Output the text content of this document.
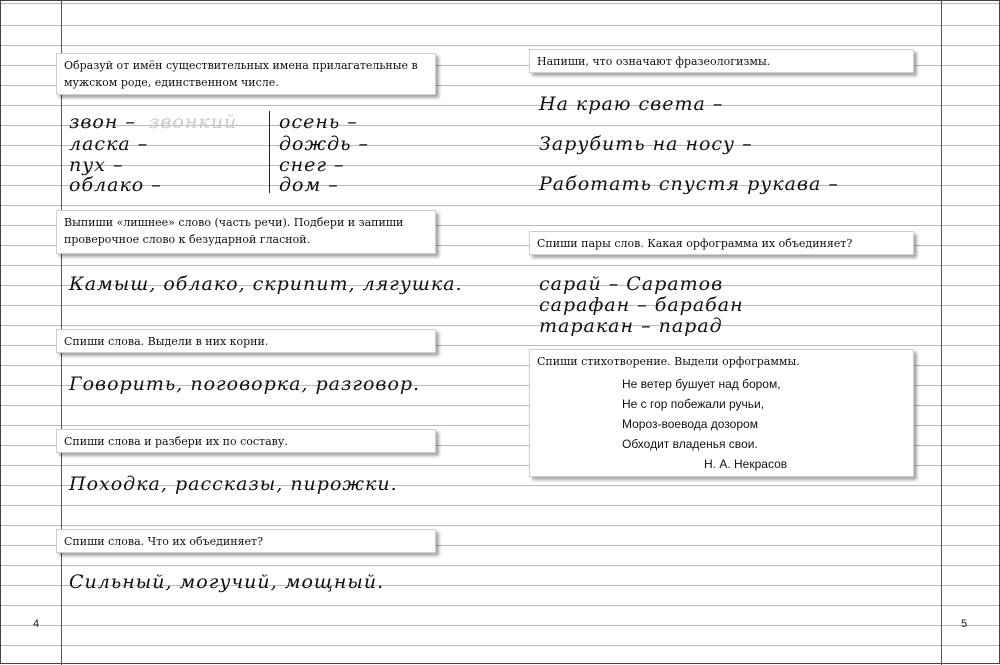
Образуй от имён существительных имена прилагательные в мужском роде, единственном числе.
звон – звонкий
ласка –
пух –
облако –
осень –
дождь –
снег –
дом –
Выпиши «лишнее» слово (часть речи). Подбери и запиши проверочное слово к безударной гласной.
Камыш, облако, скрипит, лягушка.
Спиши слова. Выдели в них корни.
Говорить, поговорка, разговор.
Спиши слова и разбери их по составу.
Походка, рассказы, пирожки.
Спиши слова. Что их объединяет?
Сильный, могучий, мощный.
4
Напиши, что означают фразеологизмы.
На краю света –
Зарубить на носу –
Работать спустя рукава –
Спиши пары слов. Какая орфограмма их объединяет?
сарай – Саратов
сарафан – барабан
таракан – парад
Спиши стихотворение. Выдели орфограммы.
Не ветер бушует над бором,
Не с гор побежали ручьи,
Мороз-воевода дозором
Обходит владенья свои.
Н. А. Некрасов
5
